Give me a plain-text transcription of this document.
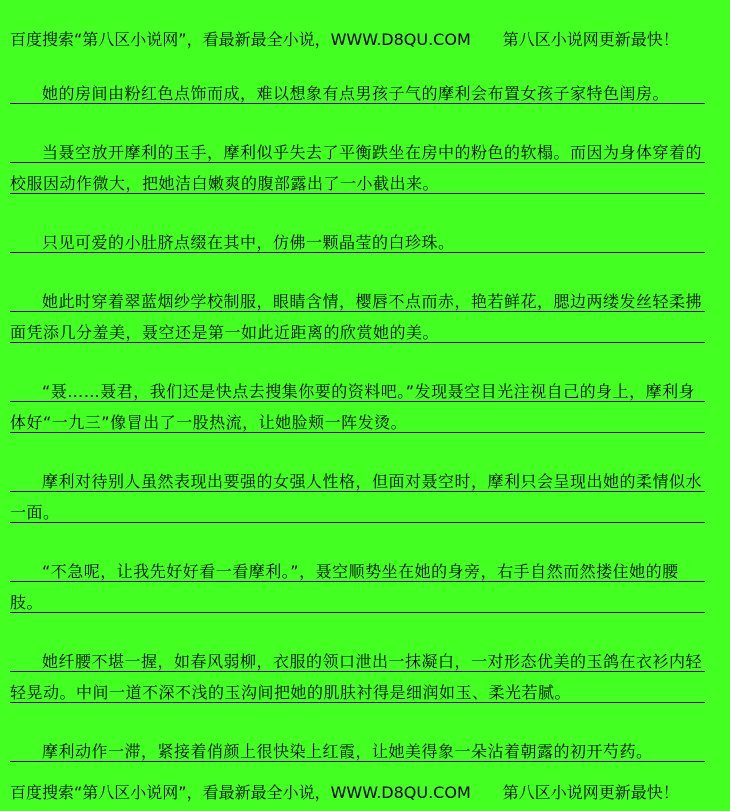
百度搜索“第八区小说网”，看最新最全小说，WWW.D8QU.COM　　第八区小说网更新最快！

她的房间由粉红色点饰而成，难以想象有点男孩子气的摩利会布置女孩子家特色闺房。

当聂空放开摩利的玉手，摩利似乎失去了平衡跌坐在房中的粉色的软榻。而因为身体穿着的校服因动作微大，把她洁白嫩爽的腹部露出了一小截出来。

只见可爱的小肚脐点缀在其中，仿佛一颗晶莹的白珍珠。

她此时穿着翠蓝烟纱学校制服，眼睛含情，樱唇不点而赤，艳若鲜花，腮边两缕发丝轻柔拂面凭添几分羞美，聂空还是第一如此近距离的欣赏她的美。

“聂……聂君，我们还是快点去搜集你要的资料吧。”发现聂空目光注视自己的身上，摩利身体好“一九三”像冒出了一股热流，让她脸颊一阵发烫。

摩利对待别人虽然表现出要强的女强人性格，但面对聂空时，摩利只会呈现出她的柔情似水一面。

“不急呢，让我先好好看一看摩利。”，聂空顺势坐在她的身旁，右手自然而然搂住她的腰肢。

她纤腰不堪一握，如春风弱柳，衣服的领口泄出一抹凝白，一对形态优美的玉鸽在衣衫内轻轻晃动。中间一道不深不浅的玉沟间把她的肌肤衬得是细润如玉、柔光若腻。

摩利动作一滞，紧接着俏颜上很快染上红霞，让她美得象一朵沾着朝露的初开芍药。

百度搜索“第八区小说网”，看最新最全小说，WWW.D8QU.COM　　第八区小说网更新最快！
